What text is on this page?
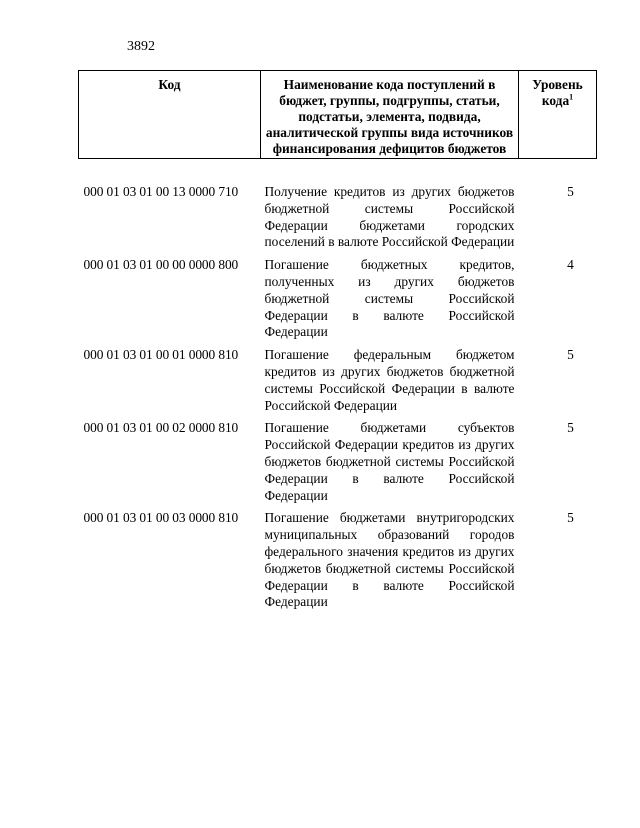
3892
Код	Наименование кода поступлений в бюджет, группы, подгруппы, статьи, подстатьи, элемента, подвида, аналитической группы вида источников финансирования дефицитов бюджетов	Уровень кода$^1$

000 01 03 01 00 13 0000 710	Получение кредитов из других бюджетов бюджетной системы Российской Федерации бюджетами городских поселений в валюте Российской Федерации	5
000 01 03 01 00 00 0000 800	Погашение бюджетных кредитов, полученных из других бюджетов бюджетной системы Российской Федерации в валюте Российской Федерации	4
000 01 03 01 00 01 0000 810	Погашение федеральным бюджетом кредитов из других бюджетов бюджетной системы Российской Федерации в валюте Российской Федерации	5
000 01 03 01 00 02 0000 810	Погашение бюджетами субъектов Российской Федерации кредитов из других бюджетов бюджетной системы Российской Федерации в валюте Российской Федерации	5
000 01 03 01 00 03 0000 810	Погашение бюджетами внутригородских муниципальных образований городов федерального значения кредитов из других бюджетов бюджетной системы Российской Федерации в валюте Российской Федерации	5
